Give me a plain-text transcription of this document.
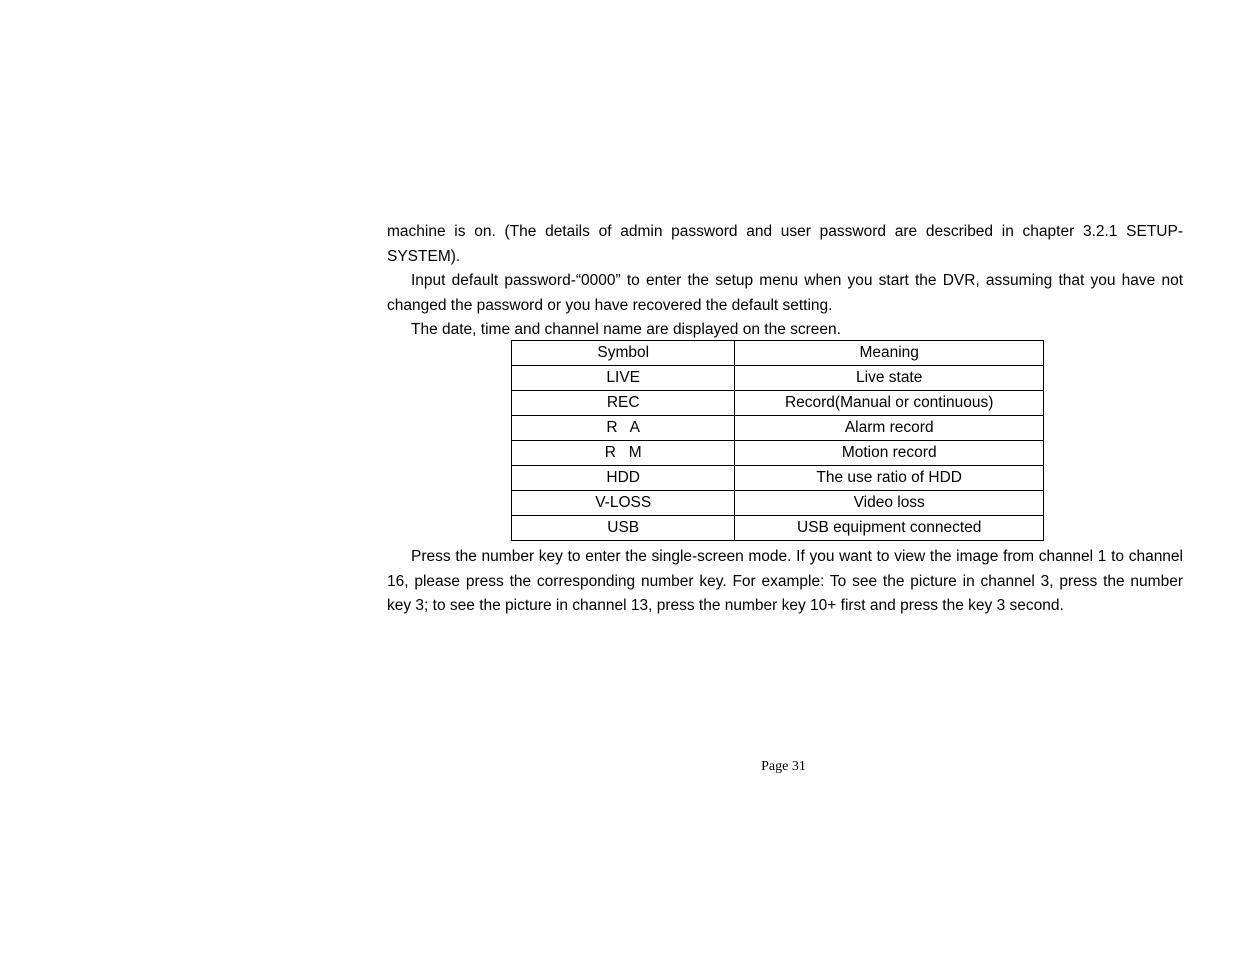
machine is on. (The details of admin password and user password are described in chapter 3.2.1 SETUP-SYSTEM).

Input default password-“0000” to enter the setup menu when you start the DVR, assuming that you have not changed the password or you have recovered the default setting.

The date, time and channel name are displayed on the screen.

Symbol	Meaning
LIVE	Live state
REC	Record(Manual or continuous)
R   A	Alarm record
R   M	Motion record
HDD	The use ratio of HDD
V-LOSS	Video loss
USB	USB equipment connected

Press the number key to enter the single-screen mode. If you want to view the image from channel 1 to channel 16, please press the corresponding number key. For example: To see the picture in channel 3, press the number key 3; to see the picture in channel 13, press the number key 10+ first and press the key 3 second.

Page 31
